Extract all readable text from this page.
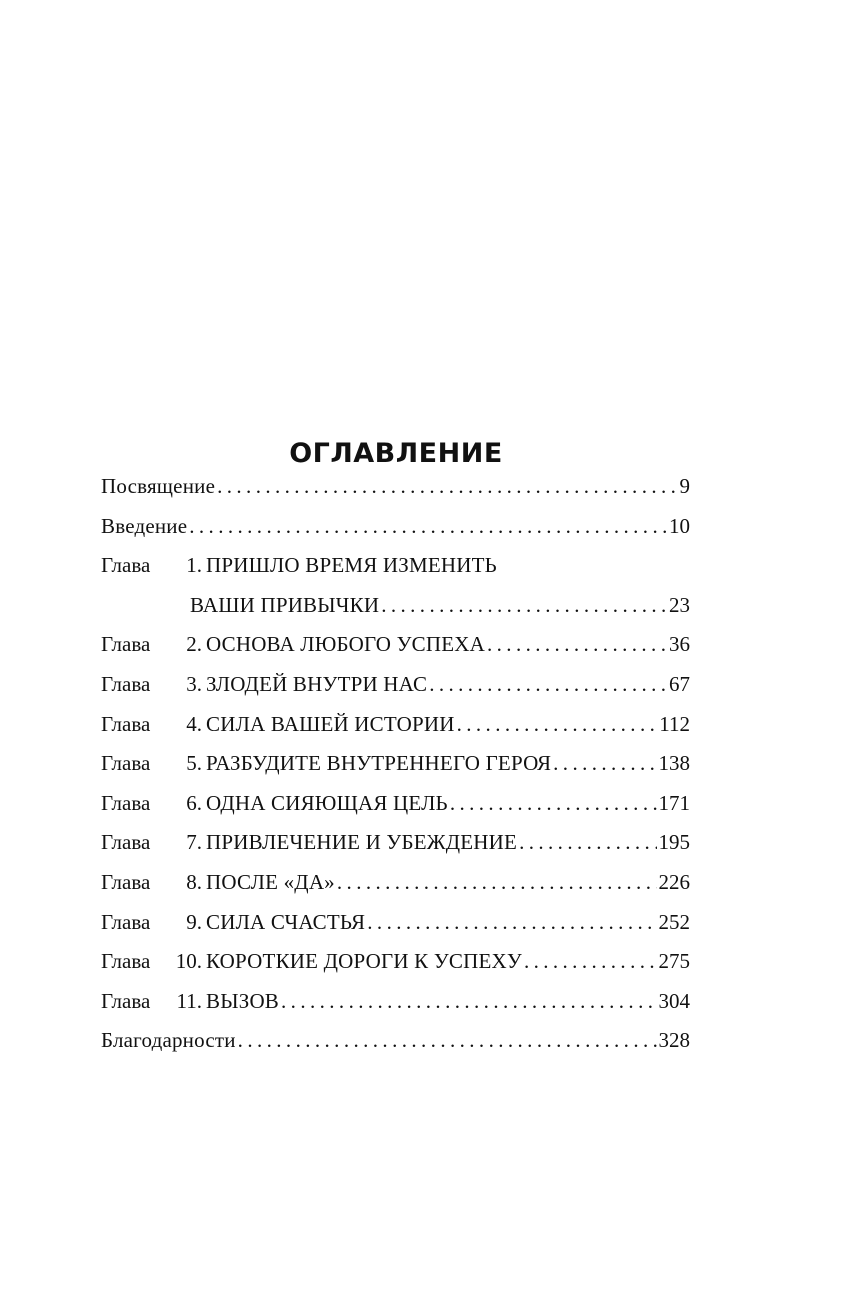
ОГЛАВЛЕНИЕ
Посвящение .....	9
Введение .....	10
Глава	1. ПРИШЛО ВРЕМЯ ИЗМЕНИТЬ
ВАШИ ПРИВЫЧКИ .....	23
Глава	2. ОСНОВА ЛЮБОГО УСПЕХА .....	36
Глава	3. ЗЛОДЕЙ ВНУТРИ НАС .....	67
Глава	4. СИЛА ВАШЕЙ ИСТОРИИ .....	112
Глава	5. РАЗБУДИТЕ ВНУТРЕННЕГО ГЕРОЯ .....	138
Глава	6. ОДНА СИЯЮЩАЯ ЦЕЛЬ .....	171
Глава	7. ПРИВЛЕЧЕНИЕ И УБЕЖДЕНИЕ .....	195
Глава	8. ПОСЛЕ «ДА» .....	226
Глава	9. СИЛА СЧАСТЬЯ .....	252
Глава	10. КОРОТКИЕ ДОРОГИ К УСПЕХУ .....	275
Глава	11. ВЫЗОВ .....	304
Благодарности .....	328
